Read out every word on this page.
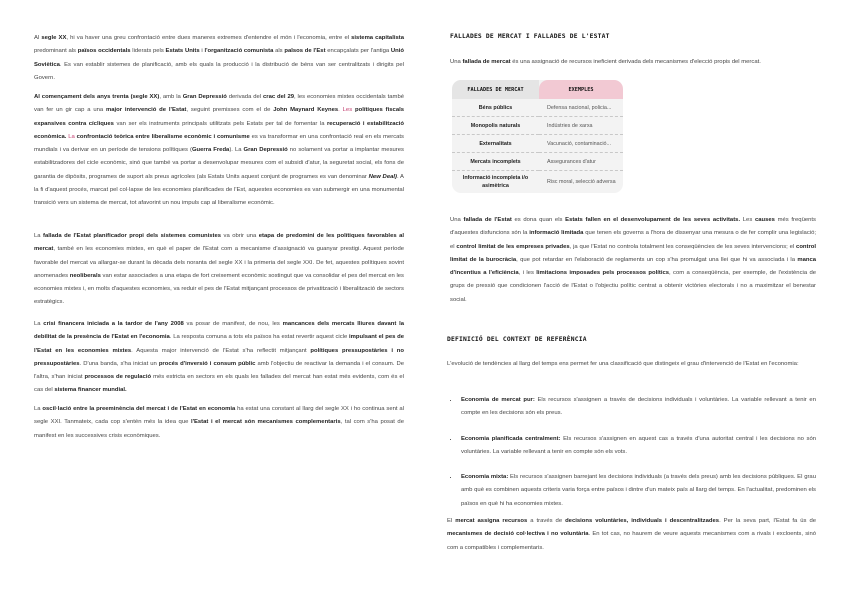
Al segle XX, hi va haver una greu confrontació entre dues maneres extremes d'entendre el món i l'economia, entre el sistema capitalista predominant als països occidentals liderats pels Estats Units i l'organització comunista als països de l'Est encapçalats per l'antiga Unió Soviètica. Es van establir sistemes de planificació, amb els quals la producció i la distribució de béns van ser centralitzats i dirigits pel Govern.

Al començament dels anys trenta (segle XX), amb la Gran Depressió derivada del crac del 29, les economies mixtes occidentals també van fer un gir cap a una major intervenció de l'Estat, seguint premisses com el de John Maynard Keynes. Les polítiques fiscals expansives contra cícliques van ser els instruments principals utilitzats pels Estats per tal de fomentar la recuperació i estabilització econòmica. La confrontació teòrica entre liberalisme econòmic i comunisme es va transformar en una confrontació real en els mercats mundials i va derivar en un període de tensions polítiques (Guerra Freda). La Gran Depressió no solament va portar a implantar mesures estabilitzadores del cicle econòmic, sinó que també va portar a desenvolupar mesures com el subsidi d'atur, la seguretat social, els fons de garantia de dipòsits, programes de suport als preus agrícoles (als Estats Units aquest conjunt de programes es van denominar New Deal). A la fi d'aquest procés, marcat pel col·lapse de les economies planificades de l'Est, aquestes economies es van submergir en una monumental transició vers un sistema de mercat, tot afavorint un nou impuls cap al liberalisme econòmic.

La fallada de l'Estat planificador propi dels sistemes comunistes va obrir una etapa de predomini de les polítiques favorables al mercat, també en les economies mixtes, en què el paper de l'Estat com a mecanisme d'assignació va guanyar prestigi. Aquest període favorable del mercat va allargar-se durant la dècada dels noranta del segle XX i la primeria del segle XXI. De fet, aquestes polítiques sovint anomenades neoliberals van estar associades a una etapa de fort creixement econòmic sostingut que va consolidar el pes del mercat en les economies mixtes i, en molts d'aquestes economies, va reduir el pes de l'Estat mitjançant processos de privatització i liberalització de sectors estratègics.

La crisi financera iniciada a la tardor de l'any 2008 va posar de manifest, de nou, les mancances dels mercats lliures davant la debilitat de la presència de l'Estat en l'economia. La resposta comuna a tots els països ha estat revertir aquest cicle impulsant el pes de l'Estat en les economies mixtes. Aquesta major intervenció de l'Estat s'ha reflectit mitjançant polítiques pressupostàries i no pressupostàries. D'una banda, s'ha iniciat un procés d'inversió i consum públic amb l'objectiu de reactivar la demanda i el consum. De l'altra, s'han iniciat processos de regulació més estricta en sectors en els quals les fallades del mercat han estat més evidents, com és el cas del sistema financer mundial.

La oscil·lació entre la preeminència del mercat i de l'Estat en economia ha estat una constant al llarg del segle XX i ho continua sent al segle XXI. Tanmateix, cada cop s'entén més la idea que l'Estat i el mercat són mecanismes complementaris, tal com s'ha posat de manifest en les successives crisis econòmiques.

FALLADES DE MERCAT I FALLADES DE L'ESTAT

Una fallada de mercat és una assignació de recursos ineficient derivada dels mecanismes d'elecció propis del mercat.

FALLADES DE MERCAT	EXEMPLES
Béns públics	Defensa nacional, policia...
Monopolis naturals	Indústries de xarxa
Externalitats	Vacunació, contaminació...
Mercats incomplets	Assegurances d'atur
Informació incompleta i/o asimètrica	Risc moral, selecció adversa

Una fallada de l'Estat es dona quan els Estats fallen en el desenvolupament de les seves activitats. Les causes més freqüents d'aquestes disfuncions són la informació limitada que tenen els governs a l'hora de dissenyar una mesura o de fer complir una legislació; el control limitat de les empreses privades, ja que l'Estat no controla totalment les conseqüències de les seves intervencions; el control limitat de la burocràcia, que pot retardar en l'elaboració de reglaments un cop s'ha promulgat una llei que hi va associada i la manca d'incentius a l'eficiència, i les limitacions imposades pels processos polítics, com a conseqüència, per exemple, de l'existència de grups de pressió que condicionen l'acció de l'Estat o l'objectiu polític centrat a obtenir victòries electorals i no a maximitzar el benestar social.

DEFINICIÓ DEL CONTEXT DE REFERÈNCIA

L'evolució de tendències al llarg del temps ens permet fer una classificació que distingeix el grau d'intervenció de l'Estat en l'economia:

• Economia de mercat pur: Els recursos s'assignen a través de decisions individuals i voluntàries. La variable rellevant a tenir en compte en les decisions són els preus.
• Economia planificada centralment: Els recursos s'assignen en aquest cas a través d'una autoritat central i les decisions no són voluntàries. La variable rellevant a tenir en compte són els vots.
• Economia mixta: Els recursos s'assignen barrejant les decisions individuals (a través dels preus) amb les decisions públiques. El grau amb què es combinen aquests criteris varia força entre països i dintre d'un mateix país al llarg del temps. En l'actualitat, predominen els països en què hi ha economies mixtes.

El mercat assigna recursos a través de decisions voluntàries, individuals i descentralitzades. Per la seva part, l'Estat fa ús de mecanismes de decisió col·lectiva i no voluntària. En tot cas, no haurem de veure aquests mecanismes com a rivals i excloents, sinó com a compatibles i complementaris.
